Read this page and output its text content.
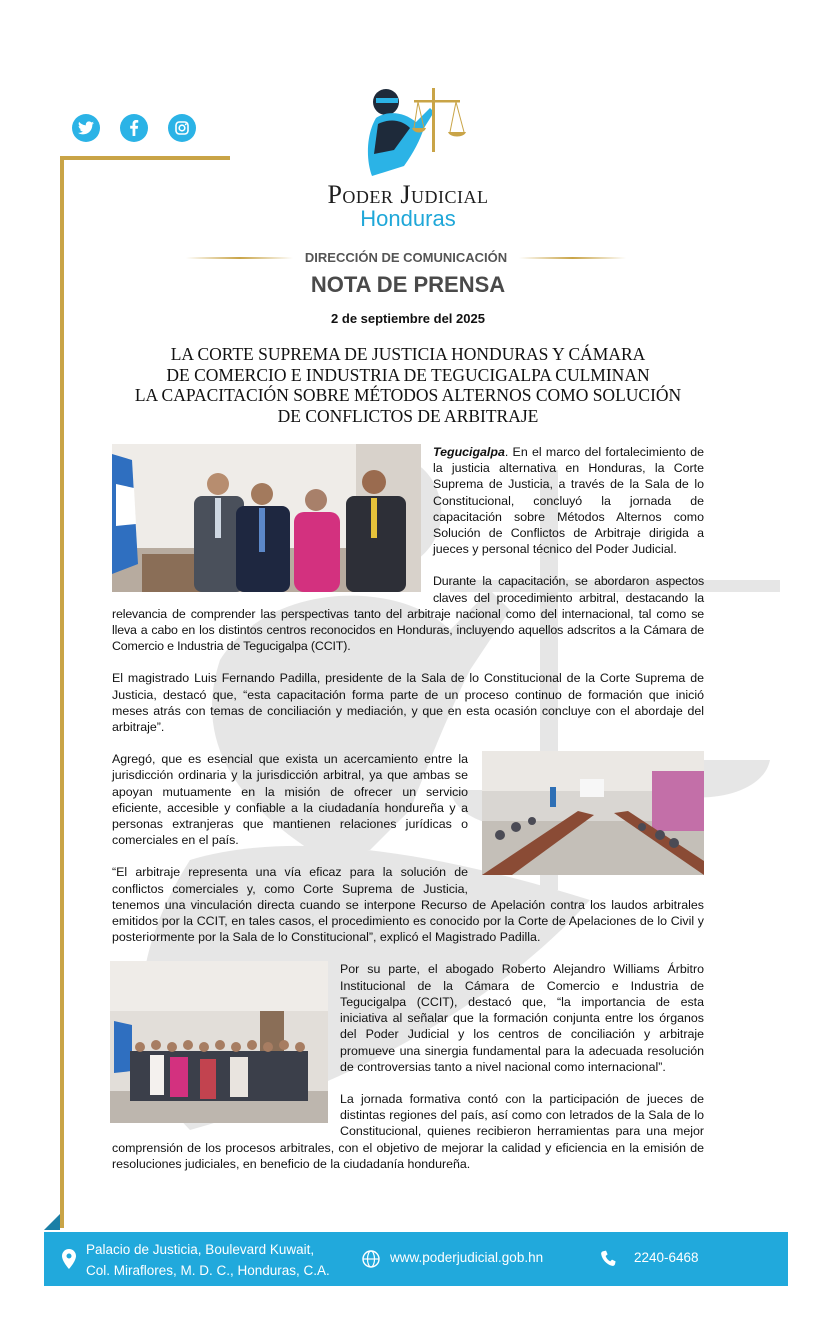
Poder Judicial
Honduras
DIRECCIÓN DE COMUNICACIÓN
NOTA DE PRENSA
2 de septiembre del 2025
LA CORTE SUPREMA DE JUSTICIA HONDURAS Y CÁMARA
DE COMERCIO E INDUSTRIA DE TEGUCIGALPA CULMINAN
LA CAPACITACIÓN SOBRE MÉTODOS ALTERNOS COMO SOLUCIÓN
DE CONFLICTOS DE ARBITRAJE

Tegucigalpa. En el marco del fortalecimiento de la justicia alternativa en Honduras, la Corte Suprema de Justicia, a través de la Sala de lo Constitucional, concluyó la jornada de capacitación sobre Métodos Alternos como Solución de Conflictos de Arbitraje dirigida a jueces y personal técnico del Poder Judicial.

Durante la capacitación, se abordaron aspectos claves del procedimiento arbitral, destacando la relevancia de comprender las perspectivas tanto del arbitraje nacional como del internacional, tal como se lleva a cabo en los distintos centros reconocidos en Honduras, incluyendo aquellos adscritos a la Cámara de Comercio e Industria de Tegucigalpa (CCIT).

El magistrado Luis Fernando Padilla, presidente de la Sala de lo Constitucional de la Corte Suprema de Justicia, destacó que, “esta capacitación forma parte de un proceso continuo de formación que inició meses atrás con temas de conciliación y mediación, y que en esta ocasión concluye con el abordaje del arbitraje”.

Agregó, que es esencial que exista un acercamiento entre la jurisdicción ordinaria y la jurisdicción arbitral, ya que ambas se apoyan mutuamente en la misión de ofrecer un servicio eficiente, accesible y confiable a la ciudadanía hondureña y a personas extranjeras que mantienen relaciones jurídicas o comerciales en el país.

“El arbitraje representa una vía eficaz para la solución de conflictos comerciales y, como Corte Suprema de Justicia, tenemos una vinculación directa cuando se interpone Recurso de Apelación contra los laudos arbitrales emitidos por la CCIT, en tales casos, el procedimiento es conocido por la Corte de Apelaciones de lo Civil y posteriormente por la Sala de lo Constitucional”, explicó el Magistrado Padilla.

Por su parte, el abogado Roberto Alejandro Williams Árbitro Institucional de la Cámara de Comercio e Industria de Tegucigalpa (CCIT), destacó que, “la importancia de esta iniciativa al señalar que la formación conjunta entre los órganos del Poder Judicial y los centros de conciliación y arbitraje promueve una sinergia fundamental para la adecuada resolución de controversias tanto a nivel nacional como internacional”.

La jornada formativa contó con la participación de jueces de distintas regiones del país, así como con letrados de la Sala de lo Constitucional, quienes recibieron herramientas para una mejor comprensión de los procesos arbitrales, con el objetivo de mejorar la calidad y eficiencia en la emisión de resoluciones judiciales, en beneficio de la ciudadanía hondureña.

Palacio de Justicia, Boulevard Kuwait,
Col. Miraflores, M. D. C., Honduras, C.A.
www.poderjudicial.gob.hn	2240-6468
